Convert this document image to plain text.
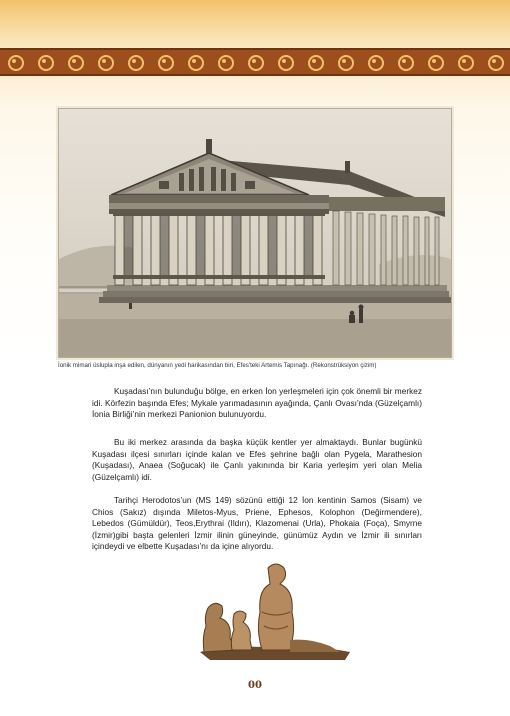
İonik mimari üslupla inşa edilen, dünyanın yedi harikasından biri, Efes'teki Artemis Tapınağı. (Rekonstrüksiyon çizim)

Kuşadası’nın bulunduğu bölge, en erken İon yerleşmeleri için çok önemli bir merkez idi. Körfezin başında Efes; Mykale yarımadasının ayağında, Çanlı Ovası’nda (Güzelçamlı) İonia Birliği’nin merkezi Panionion bulunuyordu.

Bu iki merkez arasında da başka küçük kentler yer almaktaydı. Bunlar bugünkü Kuşadası ilçesi sınırları içinde kalan ve Efes şehrine bağlı olan Pygela, Marathesion (Kuşadası), Anaea (Soğucak) ile Çanlı yakınında bir Karia yerleşim yeri olan Melia (Güzelçamlı) idi.

Tarihçi Herodotos’un (MS 149) sözünü ettiği 12 İon kentinin Samos (Sisam) ve Chios (Sakız) dışında Miletos-Myus, Priene, Ephesos, Kolophon (Değirmendere), Lebedos (Gümüldür), Teos,Erythrai (Ildırı), Klazomenai (Urla), Phokaia (Foça), Smyrne (İzmir)gibi başta gelenleri İzmir ilinin güneyinde, günümüz Aydın ve İzmir ili sınırları içindeydi ve elbette Kuşadası’nı da içine alıyordu.

00
